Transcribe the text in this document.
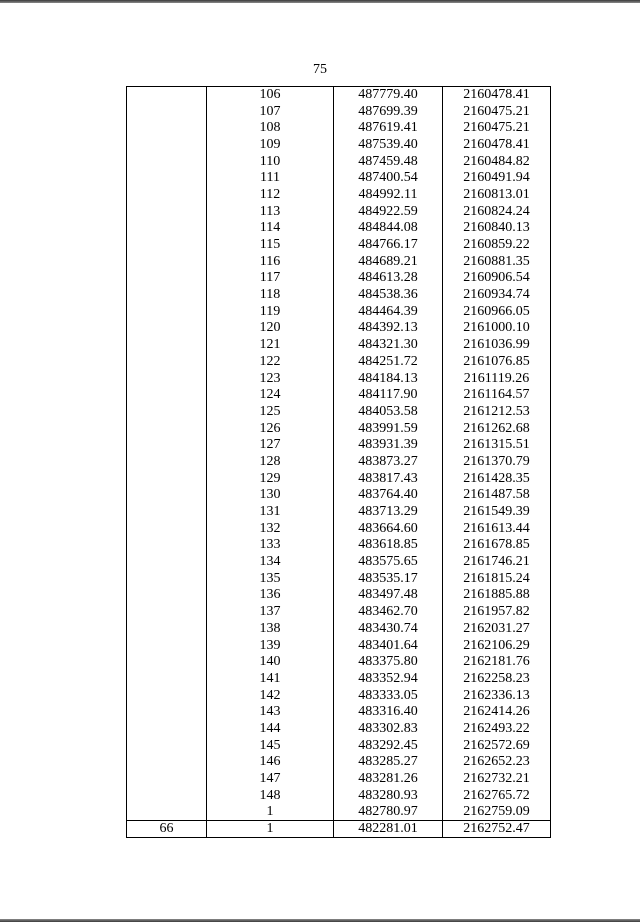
75
	106	487779.40	2160478.41
	107	487699.39	2160475.21
	108	487619.41	2160475.21
	109	487539.40	2160478.41
	110	487459.48	2160484.82
	111	487400.54	2160491.94
	112	484992.11	2160813.01
	113	484922.59	2160824.24
	114	484844.08	2160840.13
	115	484766.17	2160859.22
	116	484689.21	2160881.35
	117	484613.28	2160906.54
	118	484538.36	2160934.74
	119	484464.39	2160966.05
	120	484392.13	2161000.10
	121	484321.30	2161036.99
	122	484251.72	2161076.85
	123	484184.13	2161119.26
	124	484117.90	2161164.57
	125	484053.58	2161212.53
	126	483991.59	2161262.68
	127	483931.39	2161315.51
	128	483873.27	2161370.79
	129	483817.43	2161428.35
	130	483764.40	2161487.58
	131	483713.29	2161549.39
	132	483664.60	2161613.44
	133	483618.85	2161678.85
	134	483575.65	2161746.21
	135	483535.17	2161815.24
	136	483497.48	2161885.88
	137	483462.70	2161957.82
	138	483430.74	2162031.27
	139	483401.64	2162106.29
	140	483375.80	2162181.76
	141	483352.94	2162258.23
	142	483333.05	2162336.13
	143	483316.40	2162414.26
	144	483302.83	2162493.22
	145	483292.45	2162572.69
	146	483285.27	2162652.23
	147	483281.26	2162732.21
	148	483280.93	2162765.72
	1	482780.97	2162759.09
66	1	482281.01	2162752.47
